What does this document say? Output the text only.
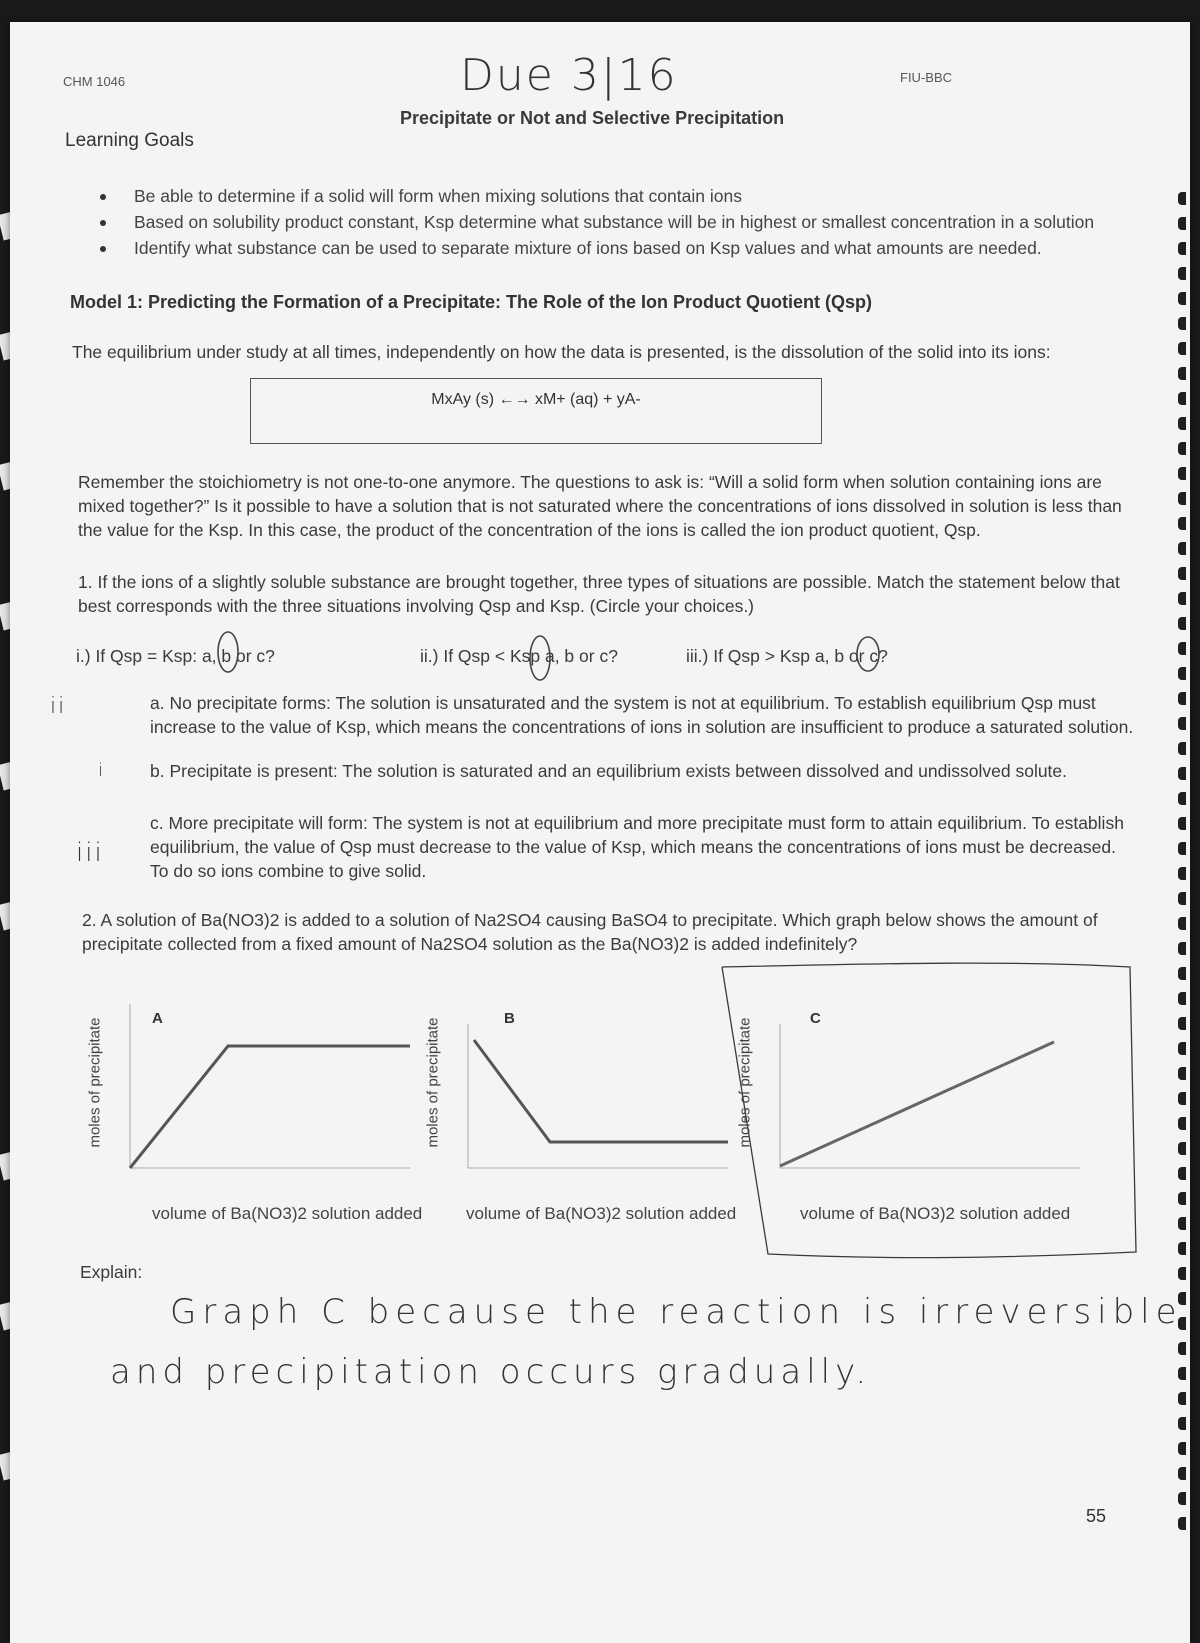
CHM 1046	Due 3|16	FIU-BBC
Precipitate or Not and Selective Precipitation
Learning Goals
Be able to determine if a solid will form when mixing solutions that contain ions
Based on solubility product constant, Ksp determine what substance will be in highest or smallest concentration in a solution
Identify what substance can be used to separate mixture of ions based on Ksp values and what amounts are needed.
Model 1: Predicting the Formation of a Precipitate: The Role of the Ion Product Quotient (Qsp)
The equilibrium under study at all times, independently on how the data is presented, is the dissolution of the solid into its ions:
MxAy (s) ←→ xM+ (aq) + yA-
Remember the stoichiometry is not one-to-one anymore. The questions to ask is: “Will a solid form when solution containing ions are
mixed together?” Is it possible to have a solution that is not saturated where the concentrations of ions dissolved in solution is less than
the value for the Ksp. In this case, the product of the concentration of the ions is called the ion product quotient, Qsp.
1. If the ions of a slightly soluble substance are brought together, three types of situations are possible. Match the statement below that
best corresponds with the three situations involving Qsp and Ksp. (Circle your choices.)
i.) If Qsp = Ksp: a, b or c?	ii.) If Qsp < Ksp a, b or c?	iii.) If Qsp > Ksp a, b or c?
ii	a. No precipitate forms: The solution is unsaturated and the system is not at equilibrium. To establish equilibrium Qsp must
increase to the value of Ksp, which means the concentrations of ions in solution are insufficient to produce a saturated solution.
i	b. Precipitate is present: The solution is saturated and an equilibrium exists between dissolved and undissolved solute.
iii
c. More precipitate will form: The system is not at equilibrium and more precipitate must form to attain equilibrium. To establish
equilibrium, the value of Qsp must decrease to the value of Ksp, which means the concentrations of ions must be decreased.
To do so ions combine to give solid.
2. A solution of Ba(NO3)2 is added to a solution of Na2SO4 causing BaSO4 to precipitate. Which graph below shows the amount of
precipitate collected from a fixed amount of Na2SO4 solution as the Ba(NO3)2 is added indefinitely?
A
moles of precipitate
volume of Ba(NO3)2 solution added
B
moles of precipitate
volume of Ba(NO3)2 solution added
C
moles of precipitate
volume of Ba(NO3)2 solution added
Explain:
Graph C because the reaction is irreversible
and precipitation occurs gradually.
55
